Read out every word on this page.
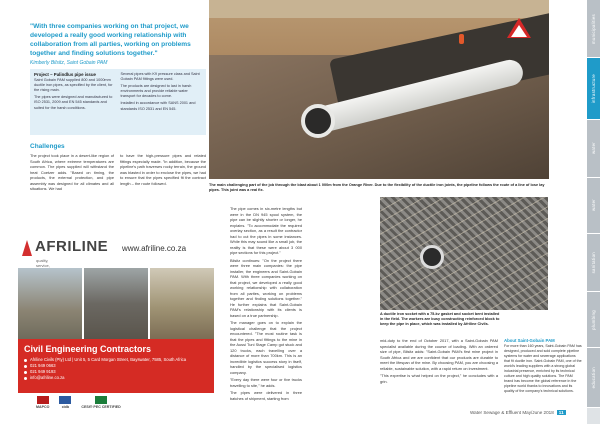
"With three companies working on that project, we developed a really good working relationship with collaboration from all parties, working on problems together and finding solutions together."
Kimberly Bilsitz, Saint Gobain PAM
Project – Palindlus pipe issue

Saint Gobain PAM supplied 800 and 1000mm ductile iron pipes, as specified by the client, for the rising main.

The pipes were designed and manufactured to ISO 2531, 2009 and EN 545 standards and suited for the harsh conditions.

Several pipes with K9 pressure class and Saint Gobain PAM fittings were used.

The products are designed to last in harsh environments and provide reliable water transport for decades to come.

Installed in accordance with SANS 2001 and standards ISO 2531 and EN 545.

Challenges
The project took place in a desert-like region of South Africa, where extreme temperatures are common. The pipes supplied will withstand the heat Coetzer adds. "Based on timing, the products, the external protection, and pipe assembly was designed for all climates and all situations. We had
to have the high-pressure pipes and related fittings especially made. "In addition, because the pipeline's path traverses rocky terrain, the ground was blasted in order to enclose the pipes, we had to ensure that the pipes specified fit the contract length – the route followed.	The main challenging part of the job through the blast about 1 000m from the Orange River. Due to the flexibility of the ductile iron joints, the pipeline follows the route of a line of lose lay pipes. This joint was a real fix.

The pipe comes in six-metre lengths but were in the DN 945 spool system, the pipe can be slightly shorter or longer, he explains. "To accommodate the required overlay section, as a result the contractor had to cut the pipes in some instances. While this may sound like a small job, the reality is that these were about 3 000 pipe sections for this project."

Bilsitz continues: "On the project there were three main companies: the pipe installer, the engineers and Saint-Gobain PAM. With three companies working on that project, we developed a really good working relationship with collaboration from all parties, working on problems together and finding solutions together." He further explains that Saint-Gobain PAM's relationship with its clients is based on a true partnership.

The manager goes on to explain the logistical challenge that the project encountered. "The most routine task is that the pipes and fittings to the mine in the Aussi Tuni Stage Camp got stuck and 120 trucks, each travelling over a distance of more than 700km. This is an incredible logistics success story in itself, handled by the specialised logistics company.

"Every day there were four or five trucks travelling to site," he adds.

The pipes were delivered in three batches of shipment, starting from

A ductile iron socket with a 75-kv gasket and socket bent installed in the field. The workers are busy constructing reinforced block to keep the pipe in place, which was installed by Afriline Civils.

mid-duty to the end of October 2017, with a Saint-Gobain PAM specialist available during the course of loading. With an ordered size of pipe, Bilsitz adds: "Saint-Gobain PAM's first mine project in South Africa and we are confident that our products are durable to meet the lifespan of the mine. By choosing PAM, you are choosing a reliable, sustainable solution, with a rapid return on investment.

"This expertise is what helped on the project," he concludes with a grin.

About Saint-Gobain PAM
For more than 160 years, Saint-Gobain PAM has designed, produced and sold complete pipeline systems for water and sewerage applications that fit ductile iron. Saint-Gobain PAM, one of the world's leading suppliers with a strong global industrial presence, enriched by its technical culture and high quality solutions. The PAM brand has become the global reference in the pipeline world thanks to innovations and its quality of the company's technical solutions.
AFRILINE
quality, service,
www.afriline.co.za
Civil Engineering Contractors
Afriline Civils (Pty) Ltd | Unit 5, 5 Card Morgan Street, Bayswater, 7585, South Africa
021 949 0663
021 949 9193
info@afriline.co.za
MAPCO	cidb	CESI® PEC CERTIFIED
municipalities
infrastructure
water
water
sanitation
plumbing
education
Water Sewage & Effluent May/June 2018 11
